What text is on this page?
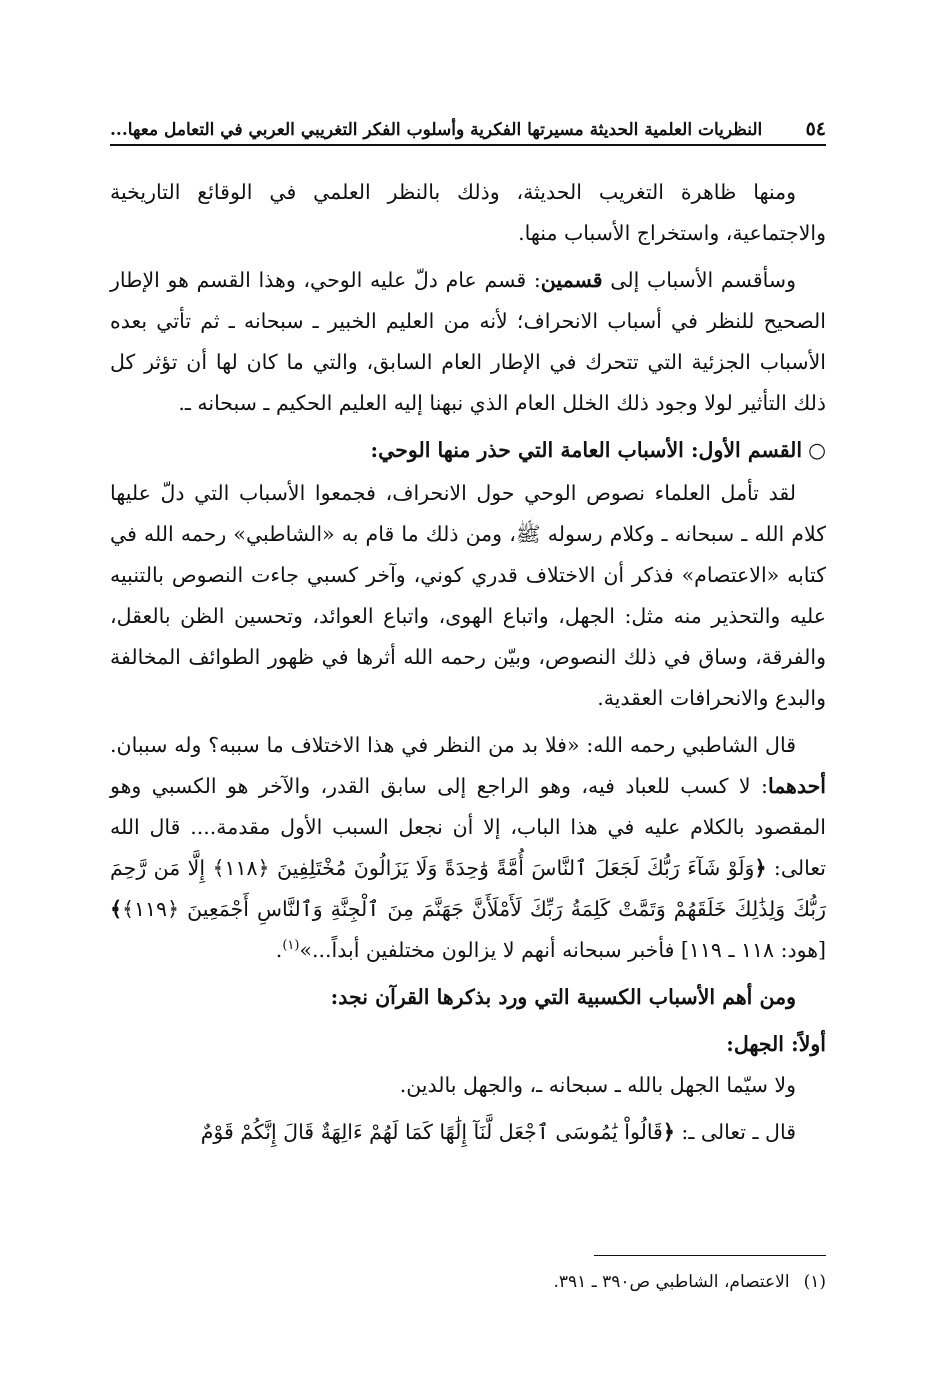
٥٤
النظريات العلمية الحديثة مسيرتها الفكرية وأسلوب الفكر التغريبي العربي في التعامل معها...

ومنها ظاهرة التغريب الحديثة، وذلك بالنظر العلمي في الوقائع التاريخية والاجتماعية، واستخراج الأسباب منها.

وسأقسم الأسباب إلى قسمين: قسم عام دلّ عليه الوحي، وهذا القسم هو الإطار الصحيح للنظر في أسباب الانحراف؛ لأنه من العليم الخبير ـ سبحانه ـ ثم تأتي بعده الأسباب الجزئية التي تتحرك في الإطار العام السابق، والتي ما كان لها أن تؤثر كل ذلك التأثير لولا وجود ذلك الخلل العام الذي نبهنا إليه العليم الحكيم ـ سبحانه ـ.

○القسم الأول: الأسباب العامة التي حذر منها الوحي:

لقد تأمل العلماء نصوص الوحي حول الانحراف، فجمعوا الأسباب التي دلّ عليها كلام الله ـ سبحانه ـ وكلام رسوله ﷺ، ومن ذلك ما قام به «الشاطبي» رحمه الله في كتابه «الاعتصام» فذكر أن الاختلاف قدري كوني، وآخر كسبي جاءت النصوص بالتنبيه عليه والتحذير منه مثل: الجهل، واتباع الهوى، واتباع العوائد، وتحسين الظن بالعقل، والفرقة، وساق في ذلك النصوص، وبيّن رحمه الله أثرها في ظهور الطوائف المخالفة والبدع والانحرافات العقدية.

قال الشاطبي رحمه الله: «فلا بد من النظر في هذا الاختلاف ما سببه؟ وله سببان. أحدهما: لا كسب للعباد فيه، وهو الراجع إلى سابق القدر، والآخر هو الكسبي وهو المقصود بالكلام عليه في هذا الباب، إلا أن نجعل السبب الأول مقدمة.... قال الله تعالى: ﴿وَلَوْ شَآءَ رَبُّكَ لَجَعَلَ ٱلنَّاسَ أُمَّةً وَٰحِدَةً وَلَا يَزَالُونَ مُخْتَلِفِينَ ﴿١١٨﴾ إِلَّا مَن رَّحِمَ رَبُّكَ وَلِذَٰلِكَ خَلَقَهُمْ وَتَمَّتْ كَلِمَةُ رَبِّكَ لَأَمْلَأَنَّ جَهَنَّمَ مِنَ ٱلْجِنَّةِ وَٱلنَّاسِ أَجْمَعِينَ ﴿١١٩﴾﴾ [هود: ١١٨ ـ ١١٩] فأخبر سبحانه أنهم لا يزالون مختلفين أبداً...»$^{(١)}$.

ومن أهم الأسباب الكسبية التي ورد بذكرها القرآن نجد:

أولاً: الجهل:

ولا سيّما الجهل بالله ـ سبحانه ـ، والجهل بالدين.

قال ـ تعالى ـ: ﴿قَالُواْ يَٰمُوسَى ٱجْعَل لَّنَآ إِلَٰهًا كَمَا لَهُمْ ءَالِهَةٌ قَالَ إِنَّكُمْ قَوْمٌ

(١)الاعتصام، الشاطبي ص٣٩٠ ـ ٣٩١.
